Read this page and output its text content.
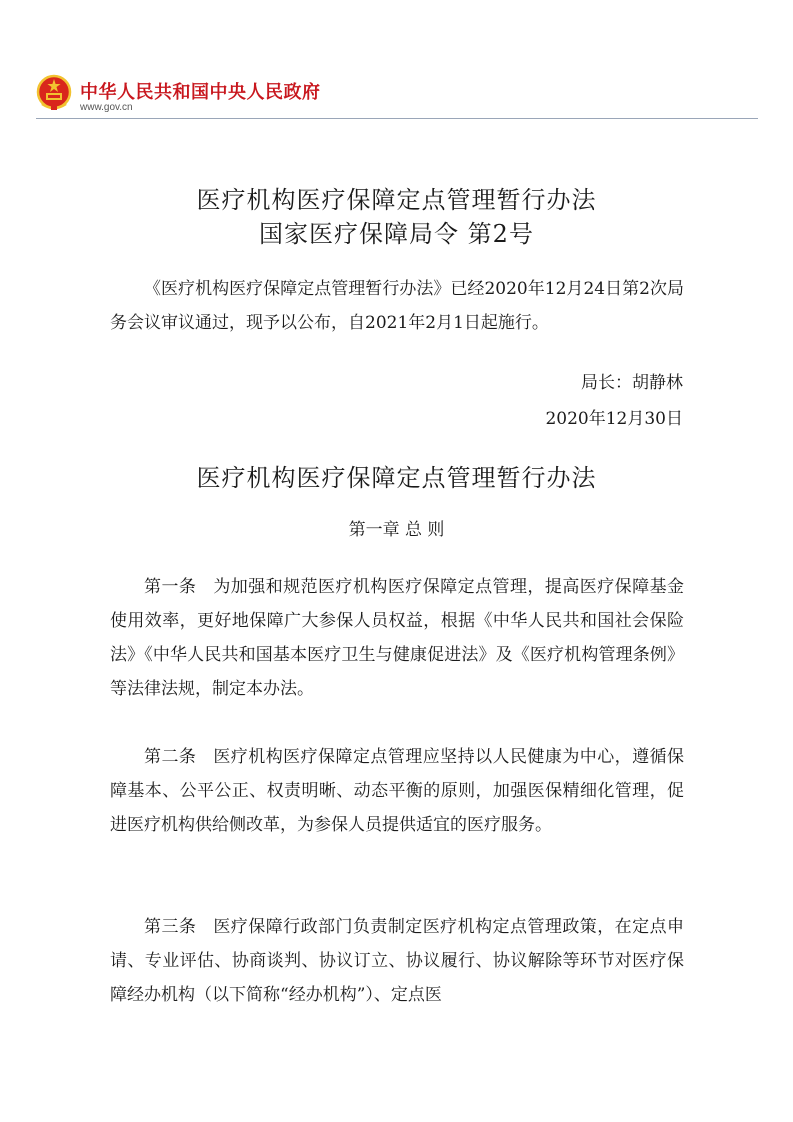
中华人民共和国中央人民政府
www.gov.cn
医疗机构医疗保障定点管理暂行办法
国家医疗保障局令 第2号

《医疗机构医疗保障定点管理暂行办法》已经2020年12月24日第2次局务会议审议通过，现予以公布，自2021年2月1日起施行。

局长：胡静林
2020年12月30日
医疗机构医疗保障定点管理暂行办法
第一章 总 则

第一条 为加强和规范医疗机构医疗保障定点管理，提高医疗保障基金使用效率，更好地保障广大参保人员权益，根据《中华人民共和国社会保险法》《中华人民共和国基本医疗卫生与健康促进法》及《医疗机构管理条例》等法律法规，制定本办法。

第二条 医疗机构医疗保障定点管理应坚持以人民健康为中心，遵循保障基本、公平公正、权责明晰、动态平衡的原则，加强医保精细化管理，促进医疗机构供给侧改革，为参保人员提供适宜的医疗服务。

第三条 医疗保障行政部门负责制定医疗机构定点管理政策，在定点申请、专业评估、协商谈判、协议订立、协议履行、协议解除等环节对医疗保障经办机构（以下简称“经办机构”）、定点医
